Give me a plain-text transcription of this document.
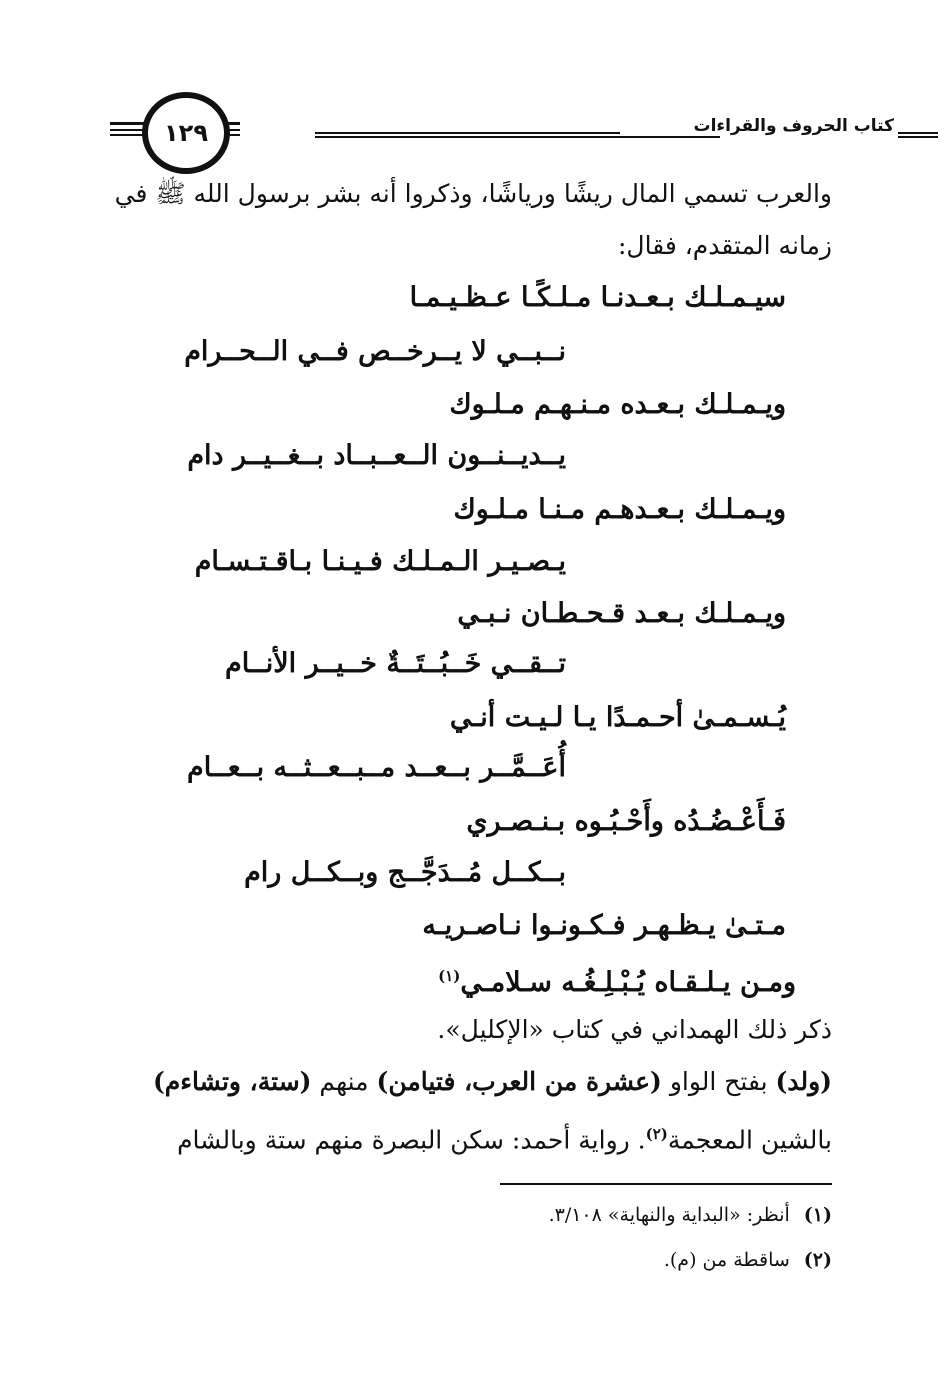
١٢٩	كتاب الحروف والقراءات
والعرب تسمي المال ريشًا ورياشًا، وذكروا أنه بشر برسول الله ﷺ في
زمانه المتقدم، فقال:
سيـمـلـك بـعـدنـا مـلـكًـا عـظـيـمـا
نــبــي لا يــرخــص فــي الــحــرام
ويـمـلـك بـعـده مـنـهـم مـلـوك
يــديــنــون الــعــبــاد بــغــيــر دام
ويـمـلـك بـعـدهـم مـنـا مـلـوك
يـصـيـر الـمـلـك فـيـنـا بـاقـتـسـام
ويـمـلـك بـعـد قـحـطـان نـبـي
تــقــي خَــبُــتَــةٌ خــيــر الأنــام
يُـسـمـىٰ أحـمـدًا يـا لـيـت أنـي
أُعَــمَّــر بــعــد مــبــعــثــه بــعــام
فَـأَعْـضُـدُه وأَحْـبُـوه بـنـصـري
بــكــل مُــدَجَّــج وبــكــل رام
مـتـىٰ يـظـهـر فـكـونـوا نـاصـريـه
ومـن يـلـقـاه يُـبْـلِـغُـه سـلامـي$^{(١)}$
ذكر ذلك الهمداني في كتاب «الإكليل».
(ولد) بفتح الواو (عشرة من العرب، فتيامن) منهم (ستة، وتشاءم)
بالشين المعجمة$^{(٢)}$. رواية أحمد: سكن البصرة منهم ستة وبالشام
(١)أنظر: «البداية والنهاية» ٣/١٠٨.
(٢)ساقطة من (م).
